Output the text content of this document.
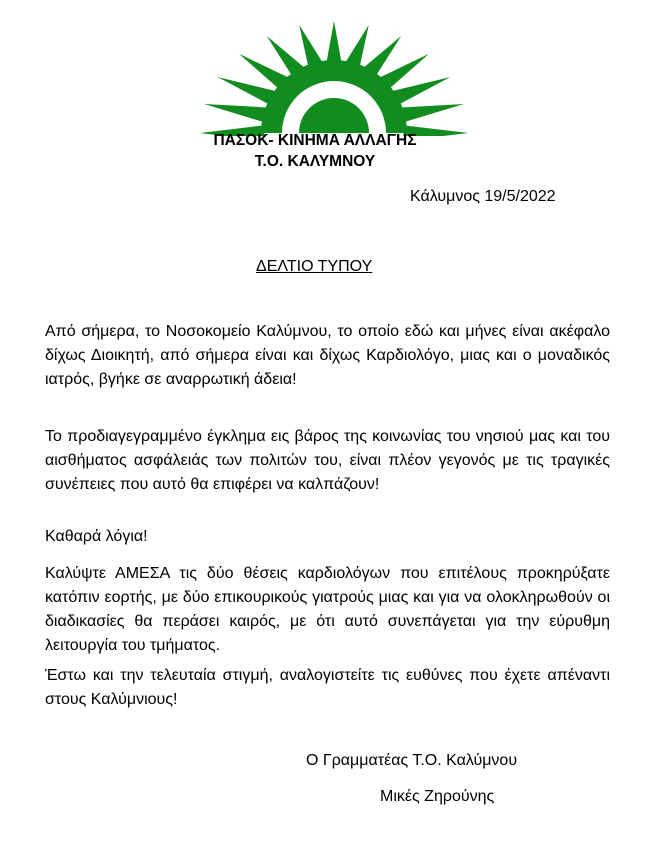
ΠΑΣΟΚ- ΚΙΝΗΜΑ ΑΛΛΑΓΗΣ
Τ.Ο. ΚΑΛΥΜΝΟΥ
Κάλυμνος 19/5/2022
ΔΕΛΤΙΟ ΤΥΠΟΥ

Από σήμερα, το Νοσοκομείο Καλύμνου, το οποίο εδώ και μήνες είναι ακέφαλο δίχως Διοικητή, από σήμερα είναι και δίχως Καρδιολόγο, μιας και ο μοναδικός ιατρός, βγήκε σε αναρρωτική άδεια!

Το προδιαγεγραμμένο έγκλημα εις βάρος της κοινωνίας του νησιού μας και του αισθήματος ασφάλειάς των πολιτών του, είναι πλέον γεγονός με τις τραγικές συνέπειες που αυτό θα επιφέρει να καλπάζουν!

Καθαρά λόγια!

Καλύψτε ΑΜΕΣΑ τις δύο θέσεις καρδιολόγων που επιτέλους προκηρύξατε κατόπιν εορτής, με δύο επικουρικούς γιατρούς μιας και για να ολοκληρωθούν οι διαδικασίες θα περάσει καιρός, με ότι αυτό συνεπάγεται για την εύρυθμη λειτουργία του τμήματος.

Έστω και την τελευταία στιγμή, αναλογιστείτε τις ευθύνες που έχετε απέναντι στους Καλύμνιους!

Ο Γραμματέας Τ.Ο. Καλύμνου
Μικές Ζηρούνης
